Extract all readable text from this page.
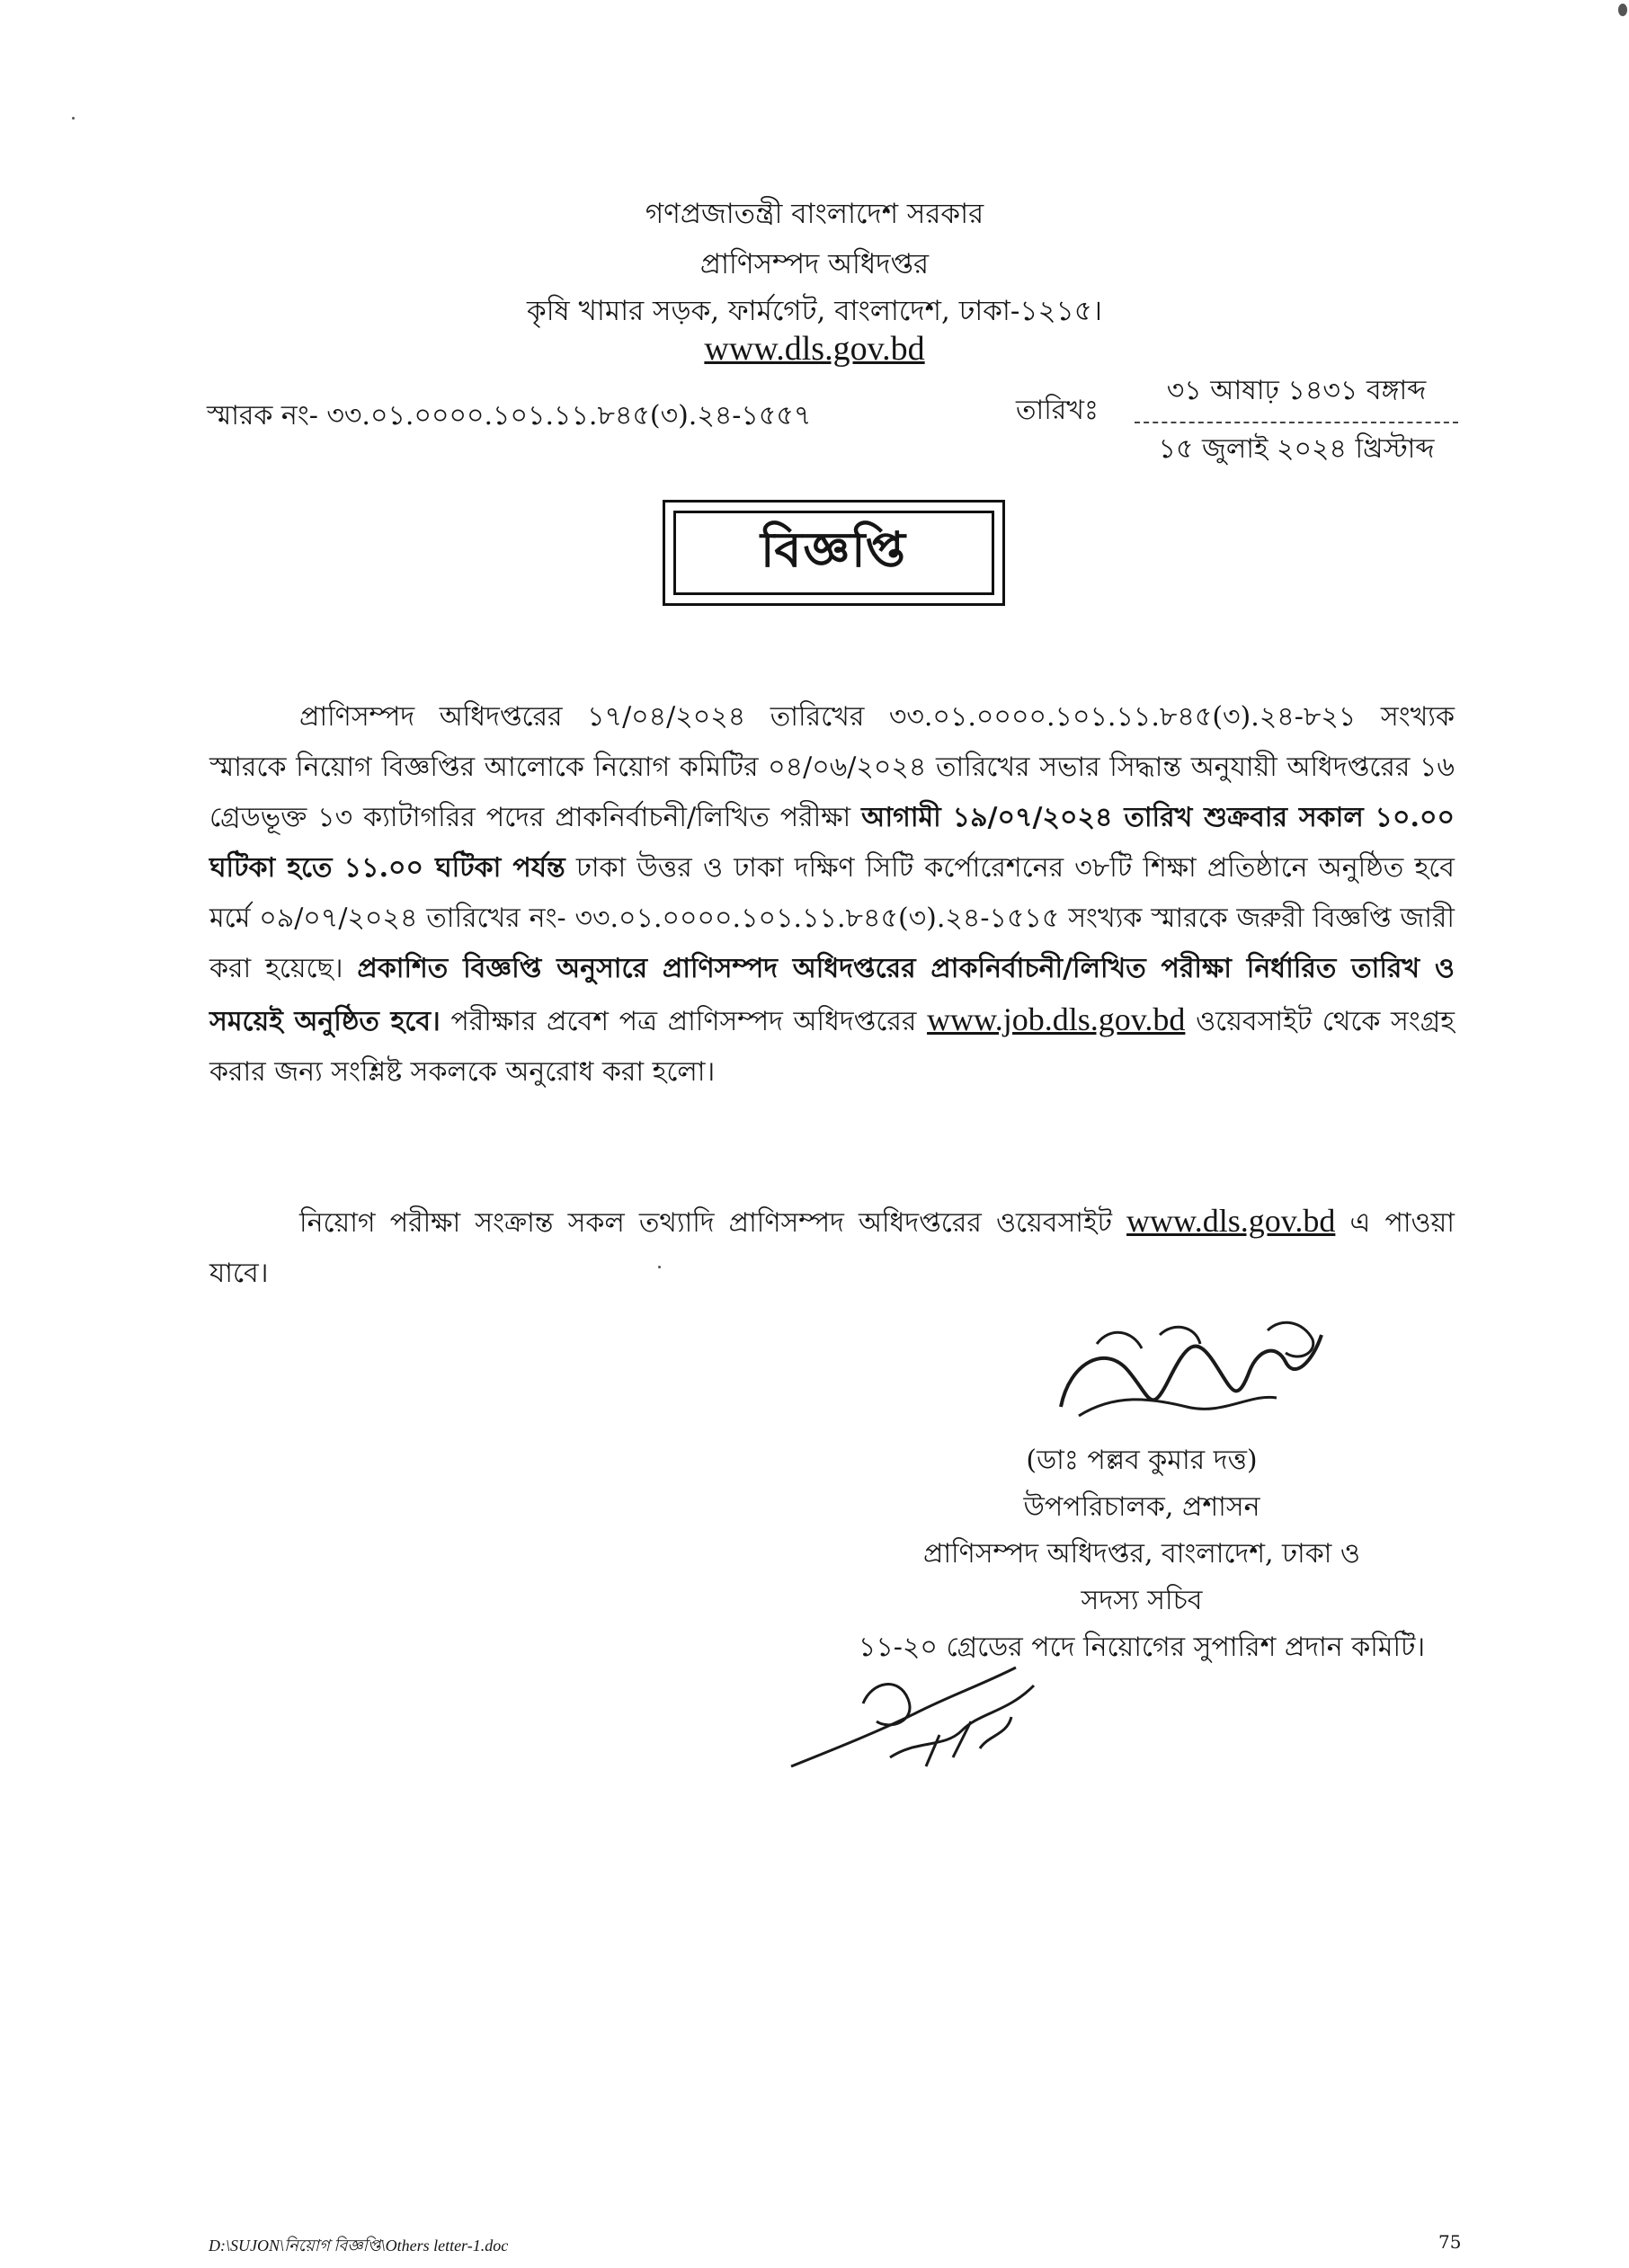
গণপ্রজাতন্ত্রী বাংলাদেশ সরকার
প্রাণিসম্পদ অধিদপ্তর
কৃষি খামার সড়ক, ফার্মগেট, বাংলাদেশ, ঢাকা-১২১৫।
www.dls.gov.bd
স্মারক নং- ৩৩.০১.০০০০.১০১.১১.৮৪৫(৩).২৪-১৫৫৭	তারিখঃ
৩১ আষাঢ় ১৪৩১ বঙ্গাব্দ
১৫ জুলাই ২০২৪ খ্রিস্টাব্দ
বিজ্ঞপ্তি
প্রাণিসম্পদ অধিদপ্তরের ১৭/০৪/২০২৪ তারিখের ৩৩.০১.০০০০.১০১.১১.৮৪৫(৩).২৪-৮২১ সংখ্যক স্মারকে নিয়োগ বিজ্ঞপ্তির আলোকে নিয়োগ কমিটির ০৪/০৬/২০২৪ তারিখের সভার সিদ্ধান্ত অনুযায়ী অধিদপ্তরের ১৬ গ্রেডভূক্ত ১৩ ক্যাটাগরির পদের প্রাকনির্বাচনী/লিখিত পরীক্ষা আগামী ১৯/০৭/২০২৪ তারিখ শুক্রবার সকাল ১০.০০ ঘটিকা হতে ১১.০০ ঘটিকা পর্যন্ত ঢাকা উত্তর ও ঢাকা দক্ষিণ সিটি কর্পোরেশনের ৩৮টি শিক্ষা প্রতিষ্ঠানে অনুষ্ঠিত হবে মর্মে ০৯/০৭/২০২৪ তারিখের নং- ৩৩.০১.০০০০.১০১.১১.৮৪৫(৩).২৪-১৫১৫ সংখ্যক স্মারকে জরুরী বিজ্ঞপ্তি জারী করা হয়েছে। প্রকাশিত বিজ্ঞপ্তি অনুসারে প্রাণিসম্পদ অধিদপ্তরের প্রাকনির্বাচনী/লিখিত পরীক্ষা নির্ধারিত তারিখ ও সময়েই অনুষ্ঠিত হবে। পরীক্ষার প্রবেশ পত্র প্রাণিসম্পদ অধিদপ্তরের www.job.dls.gov.bd ওয়েবসাইট থেকে সংগ্রহ করার জন্য সংশ্লিষ্ট সকলকে অনুরোধ করা হলো।
নিয়োগ পরীক্ষা সংক্রান্ত সকল তথ্যাদি প্রাণিসম্পদ অধিদপ্তরের ওয়েবসাইট www.dls.gov.bd এ পাওয়া যাবে।
(ডাঃ পল্লব কুমার দত্ত)
উপপরিচালক, প্রশাসন
প্রাণিসম্পদ অধিদপ্তর, বাংলাদেশ, ঢাকা ও
সদস্য সচিব
১১-২০ গ্রেডের পদে নিয়োগের সুপারিশ প্রদান কমিটি।
D:\SUJON\নিয়োগ বিজ্ঞপ্তি\Others letter-1.doc	75
